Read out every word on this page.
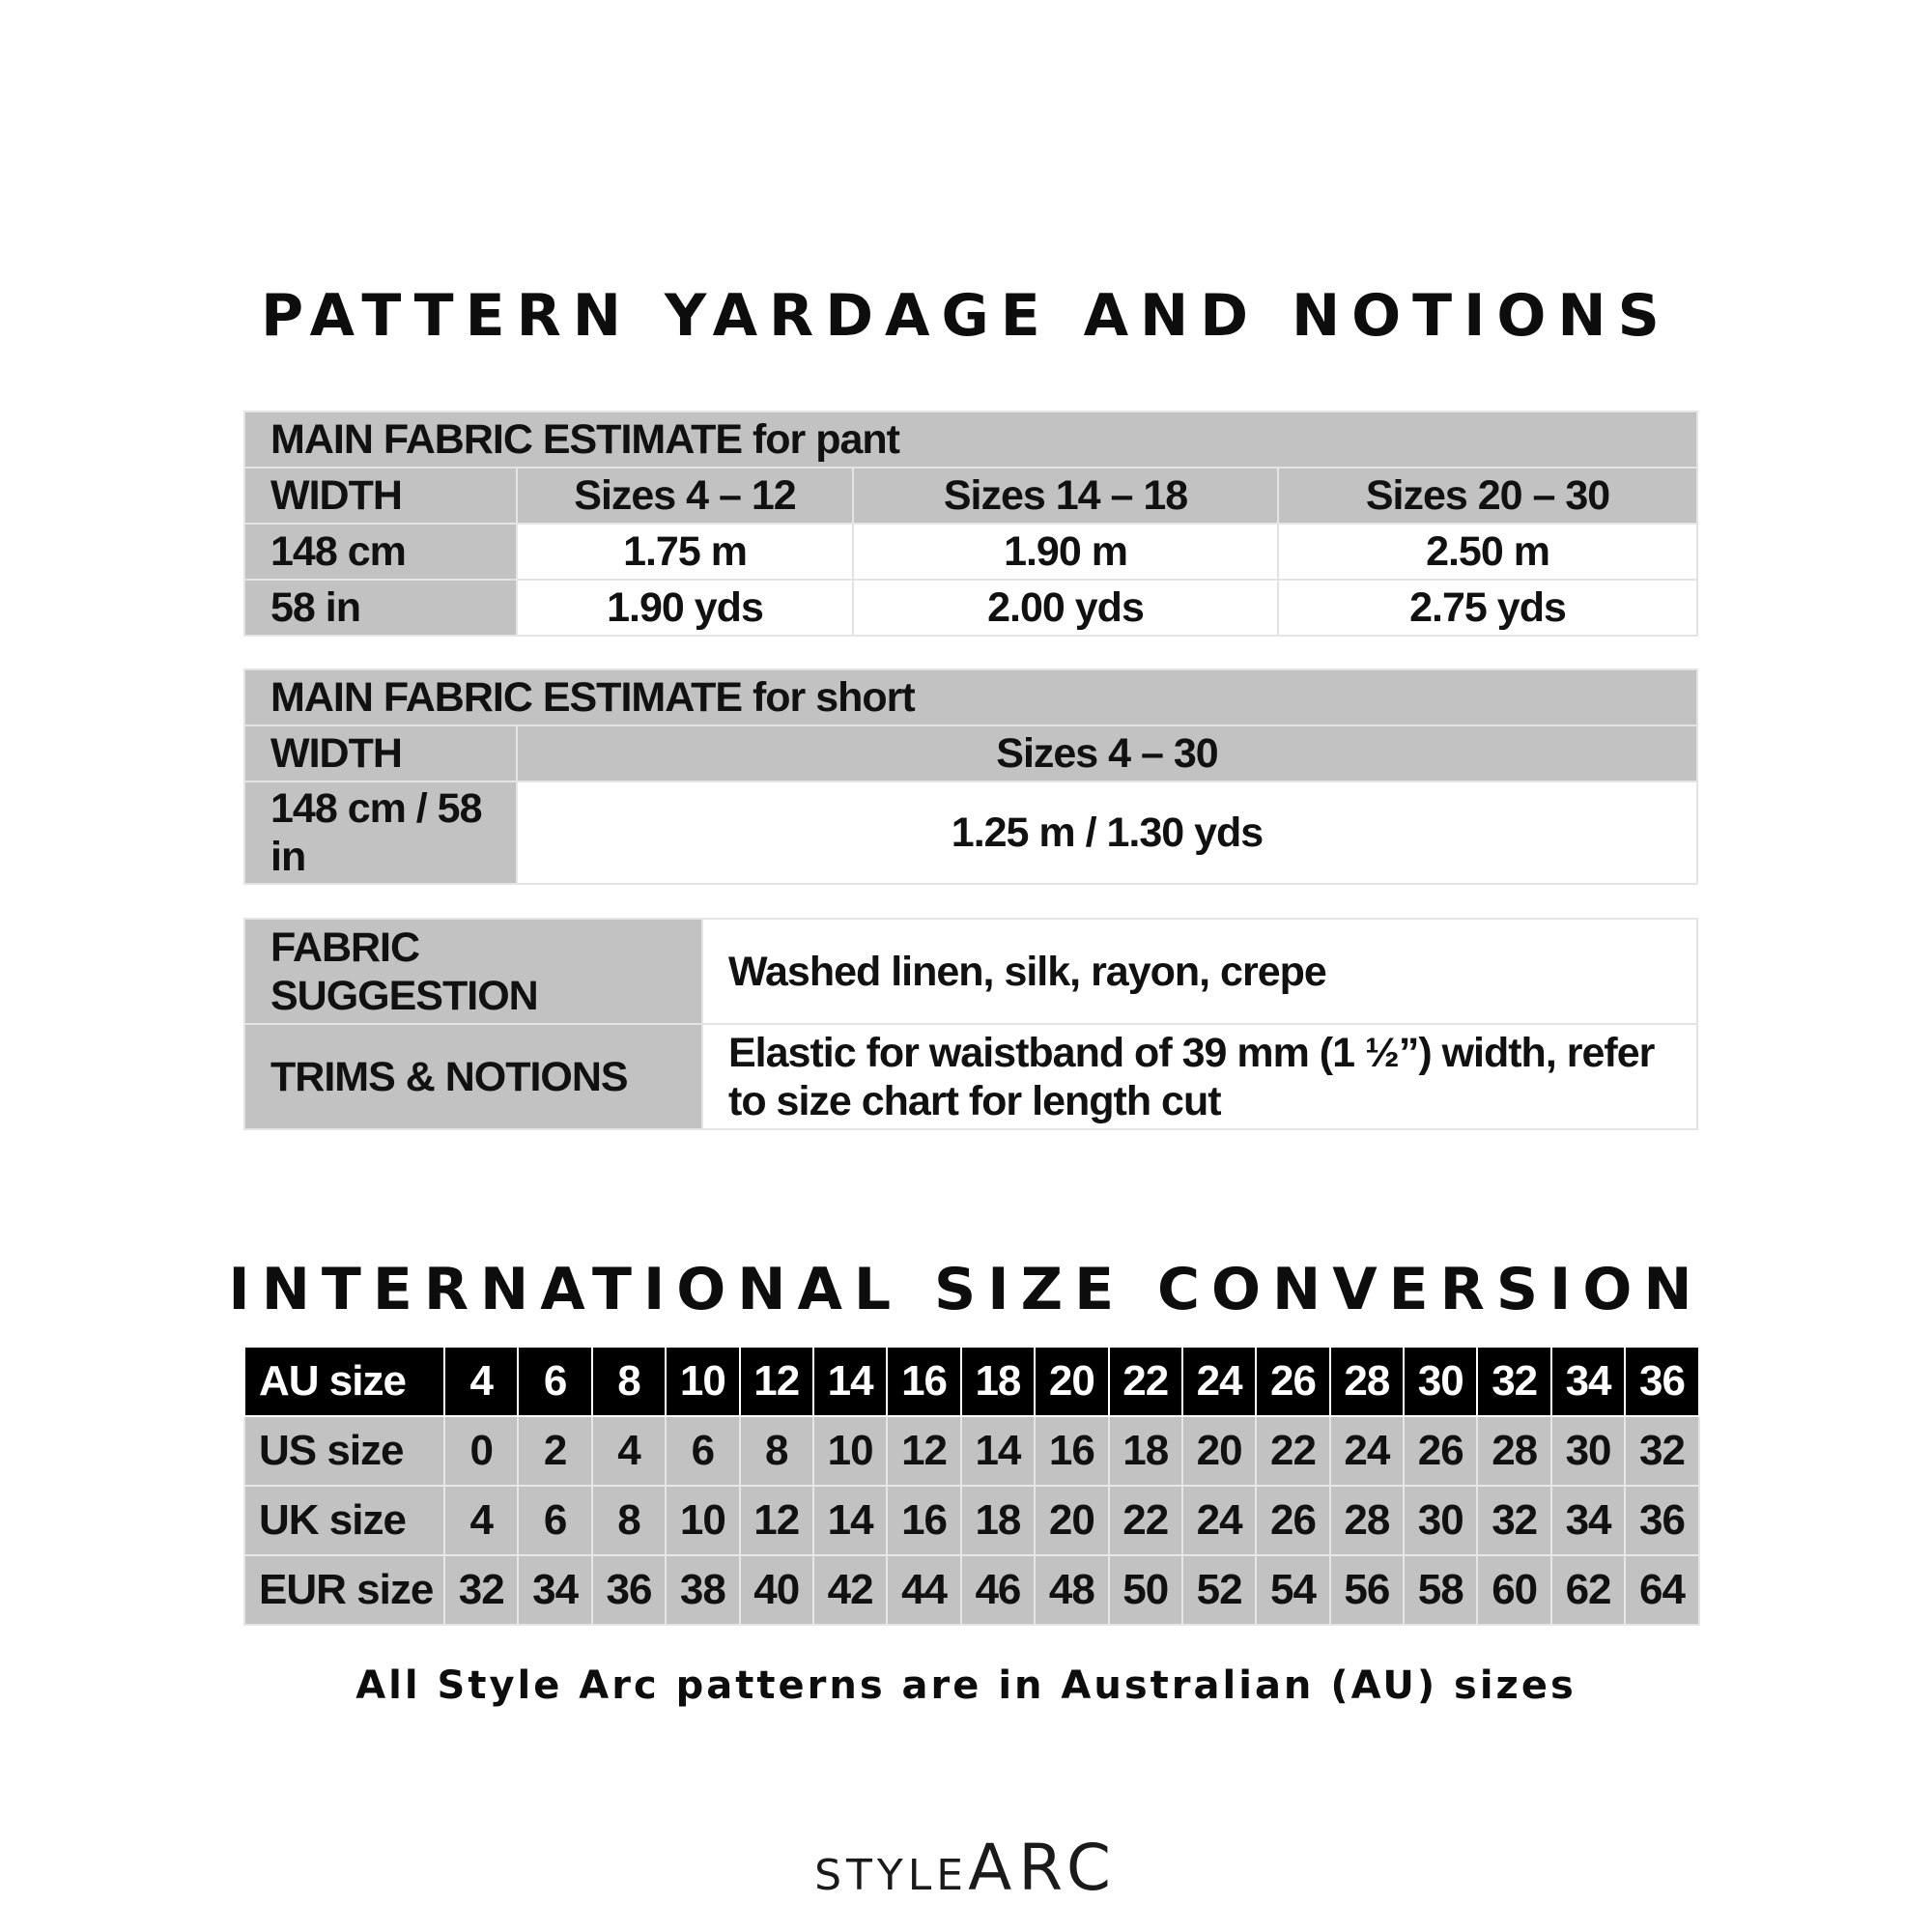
PATTERN YARDAGE AND NOTIONS
MAIN FABRIC ESTIMATE for pant			
WIDTH	Sizes 4 – 12	Sizes 14 – 18	Sizes 20 – 30
148 cm	1.75 m	1.90 m	2.50 m
58 in	1.90 yds	2.00 yds	2.75 yds
MAIN FABRIC ESTIMATE for short	
WIDTH	Sizes 4 – 30
148 cm / 58 in	1.25 m / 1.30 yds
FABRIC SUGGESTION	Washed linen, silk, rayon, crepe
TRIMS & NOTIONS	Elastic for waistband of 39 mm (1 ½”) width, refer to size chart for length cut
INTERNATIONAL SIZE CONVERSION
AU size	4	6	8	10	12	14	16	18	20	22	24	26	28	30	32	34	36
US size	0	2	4	6	8	10	12	14	16	18	20	22	24	26	28	30	32
UK size	4	6	8	10	12	14	16	18	20	22	24	26	28	30	32	34	36
EUR size	32	34	36	38	40	42	44	46	48	50	52	54	56	58	60	62	64
All Style Arc patterns are in Australian (AU) sizes
STYLEARC
